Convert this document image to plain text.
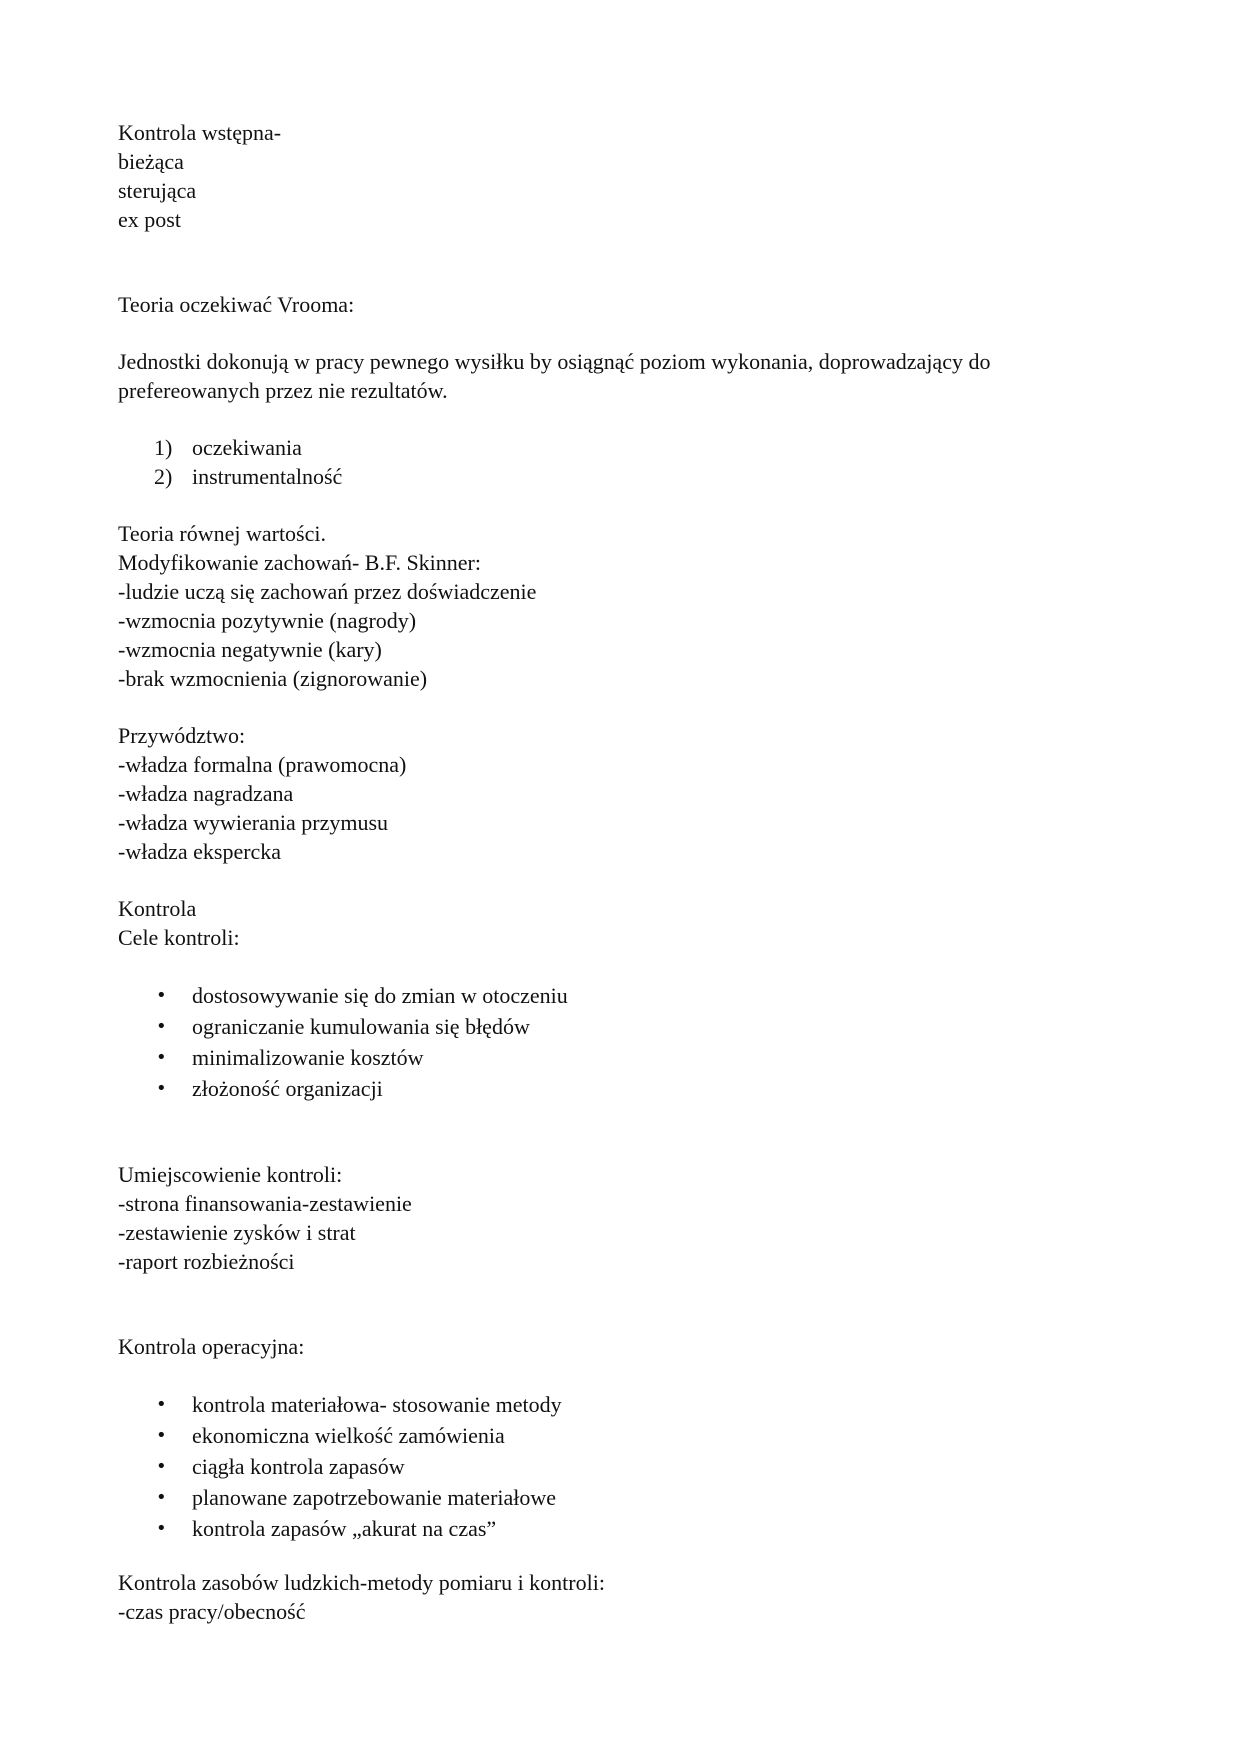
Kontrola wstępna-
bieżąca
sterująca
ex post
Teoria oczekiwać Vrooma:
Jednostki dokonują w pracy pewnego wysiłku by osiągnąć poziom wykonania, doprowadzający do prefereowanych przez nie rezultatów.
1) oczekiwania
2) instrumentalność
Teoria równej wartości.
Modyfikowanie zachowań- B.F. Skinner:
-ludzie uczą się zachowań przez doświadczenie
-wzmocnia pozytywnie (nagrody)
-wzmocnia negatywnie (kary)
-brak wzmocnienia (zignorowanie)
Przywództwo:
-władza formalna (prawomocna)
-władza nagradzana
-władza wywierania przymusu
-władza ekspercka
Kontrola
Cele kontroli:
• dostosowywanie się do zmian w otoczeniu
• ograniczanie kumulowania się błędów
• minimalizowanie kosztów
• złożoność organizacji
Umiejscowienie kontroli:
-strona finansowania-zestawienie
-zestawienie zysków i strat
-raport rozbieżności
Kontrola operacyjna:
• kontrola materiałowa- stosowanie metody
• ekonomiczna wielkość zamówienia
• ciągła kontrola zapasów
• planowane zapotrzebowanie materiałowe
• kontrola zapasów „akurat na czas”
Kontrola zasobów ludzkich-metody pomiaru i kontroli:
-czas pracy/obecność
